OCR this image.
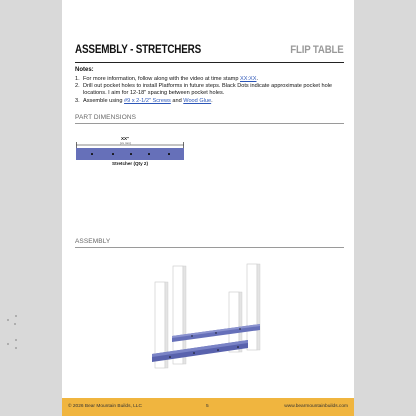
ASSEMBLY - STRETCHERS	FLIP TABLE
Notes:
1. For more information, follow along with the video at time stamp XX:XX.
2. Drill out pocket holes to install Platforms in future steps. Black Dots indicate approximate pocket hole locations. I aim for 12-18" spacing between pocket holes.
3. Assemble using #9 x 2-1/2" Screws and Wood Glue.
PART DIMENSIONS
XX"
(xx mm)
Stretcher (Qty 2)
ASSEMBLY
© 2026 Bear Mountain Builds, LLC	5	www.bearmountainbuilds.com
